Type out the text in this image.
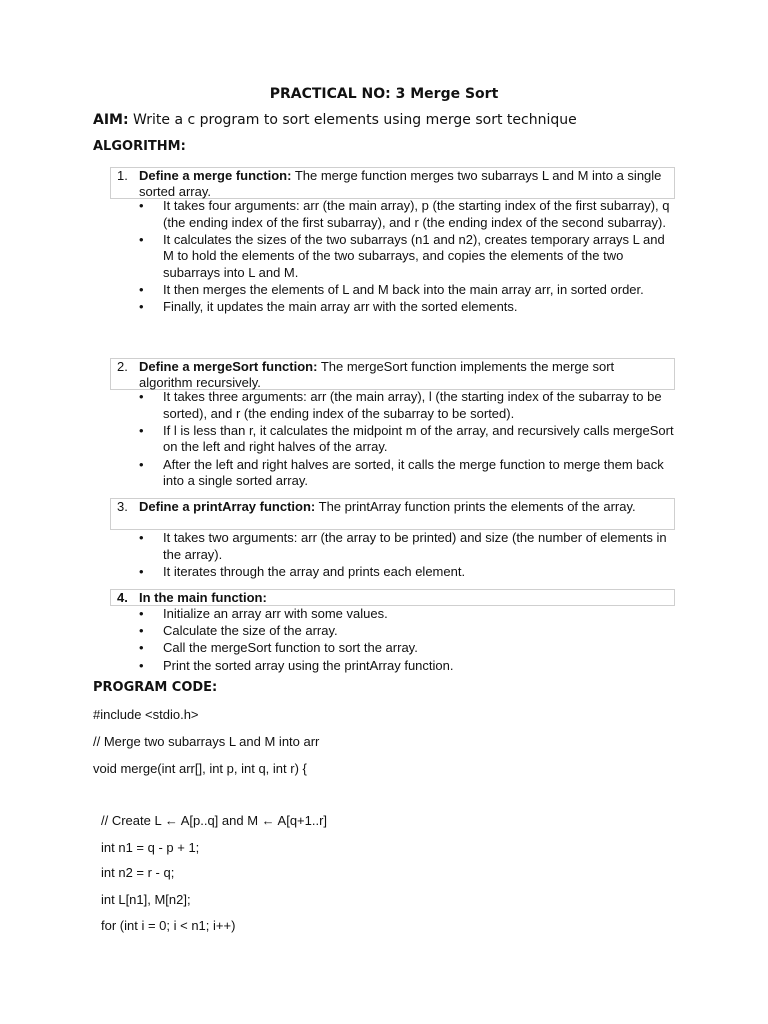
PRACTICAL NO: 3 Merge Sort
AIM: Write a c program to sort elements using merge sort technique
ALGORITHM:
1. Define a merge function: The merge function merges two subarrays L and M into a single sorted array.
• It takes four arguments: arr (the main array), p (the starting index of the first subarray), q (the ending index of the first subarray), and r (the ending index of the second subarray).
• It calculates the sizes of the two subarrays (n1 and n2), creates temporary arrays L and M to hold the elements of the two subarrays, and copies the elements of the two subarrays into L and M.
• It then merges the elements of L and M back into the main array arr, in sorted order.
• Finally, it updates the main array arr with the sorted elements.
2. Define a mergeSort function: The mergeSort function implements the merge sort algorithm recursively.
• It takes three arguments: arr (the main array), l (the starting index of the subarray to be sorted), and r (the ending index of the subarray to be sorted).
• If l is less than r, it calculates the midpoint m of the array, and recursively calls mergeSort on the left and right halves of the array.
• After the left and right halves are sorted, it calls the merge function to merge them back into a single sorted array.
3. Define a printArray function: The printArray function prints the elements of the array.
• It takes two arguments: arr (the array to be printed) and size (the number of elements in the array).
• It iterates through the array and prints each element.
4. In the main function:
• Initialize an array arr with some values.
• Calculate the size of the array.
• Call the mergeSort function to sort the array.
• Print the sorted array using the printArray function.
PROGRAM CODE:
#include <stdio.h>
// Merge two subarrays L and M into arr
void merge(int arr[], int p, int q, int r) {
// Create L ← A[p..q] and M ← A[q+1..r]
int n1 = q - p + 1;
int n2 = r - q;
int L[n1], M[n2];
for (int i = 0; i < n1; i++)
